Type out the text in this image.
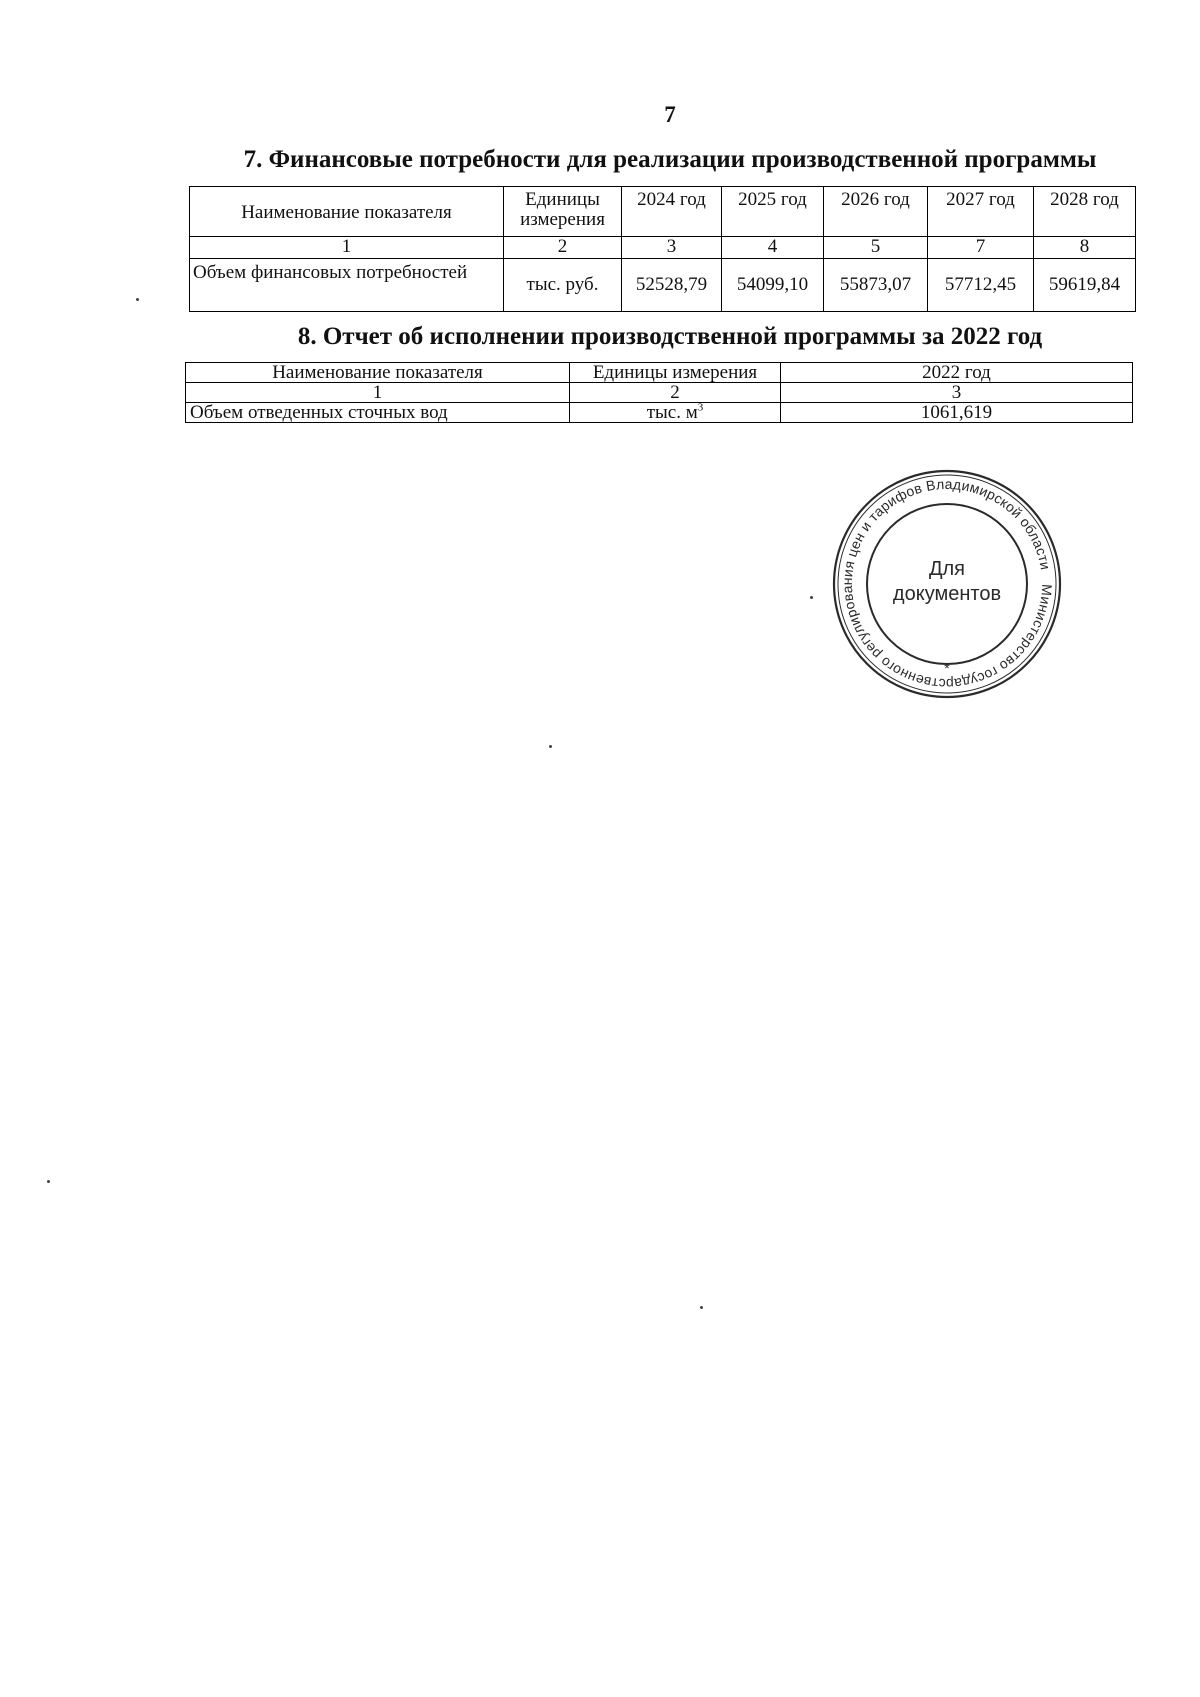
7
7. Финансовые потребности для реализации производственной программы
Наименование показателя	Единицы измерения	2024 год	2025 год	2026 год	2027 год	2028 год
1	2	3	4	5	7	8
Объем финансовых потребностей	тыс. руб.	52528,79	54099,10	55873,07	57712,45	59619,84
8. Отчет об исполнении производственной программы за 2022 год
Наименование показателя	Единицы измерения	2022 год
1	2	3
Объем отведенных сточных вод	тыс. $м^3$	1061,619
Министерство государственного регулирования цен и тарифов Владимирской области
*
Для
документов
